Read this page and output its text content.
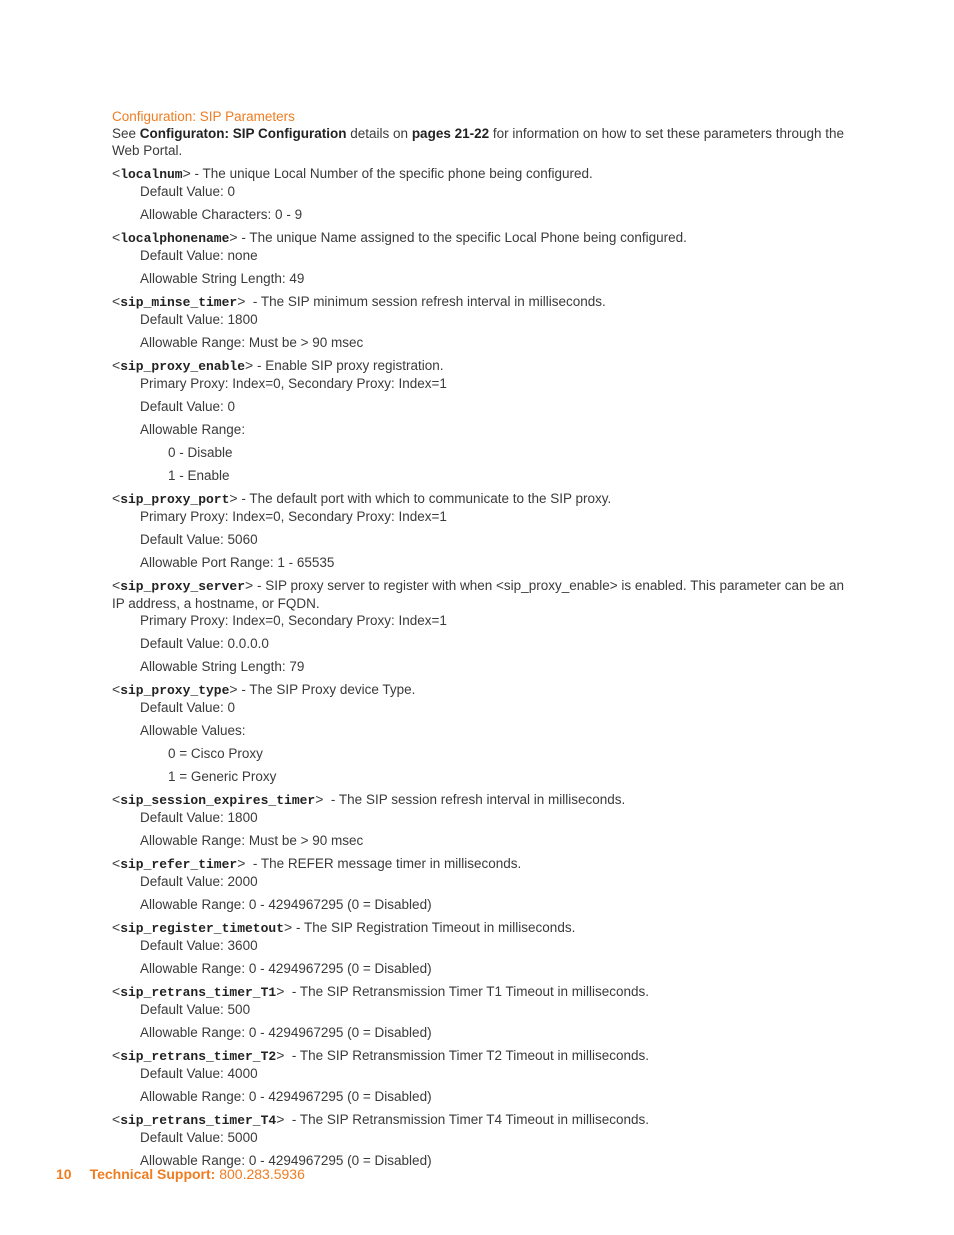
Configuration: SIP Parameters
See Configuraton: SIP Configuration details on pages 21-22 for information on how to set these parameters through the Web Portal.
<localnum> - The unique Local Number of the specific phone being configured.
Default Value: 0
Allowable Characters: 0 - 9
<localphonename> - The unique Name assigned to the specific Local Phone being configured.
Default Value: none
Allowable String Length: 49
<sip_minse_timer>  - The SIP minimum session refresh interval in milliseconds.
Default Value: 1800
Allowable Range: Must be > 90 msec
<sip_proxy_enable> - Enable SIP proxy registration.
Primary Proxy: Index=0, Secondary Proxy: Index=1
Default Value: 0
Allowable Range:
0 - Disable
1 - Enable
<sip_proxy_port> - The default port with which to communicate to the SIP proxy.
Primary Proxy: Index=0, Secondary Proxy: Index=1
Default Value: 5060
Allowable Port Range: 1 - 65535
<sip_proxy_server> - SIP proxy server to register with when <sip_proxy_enable> is enabled. This parameter can be an IP address, a hostname, or FQDN.
Primary Proxy: Index=0, Secondary Proxy: Index=1
Default Value: 0.0.0.0
Allowable String Length: 79
<sip_proxy_type> - The SIP Proxy device Type.
Default Value: 0
Allowable Values:
0 = Cisco Proxy
1 = Generic Proxy
<sip_session_expires_timer>  - The SIP session refresh interval in milliseconds.
Default Value: 1800
Allowable Range: Must be > 90 msec
<sip_refer_timer>  - The REFER message timer in milliseconds.
Default Value: 2000
Allowable Range: 0 - 4294967295 (0 = Disabled)
<sip_register_timetout> - The SIP Registration Timeout in milliseconds.
Default Value: 3600
Allowable Range: 0 - 4294967295 (0 = Disabled)
<sip_retrans_timer_T1>  - The SIP Retransmission Timer T1 Timeout in milliseconds.
Default Value: 500
Allowable Range: 0 - 4294967295 (0 = Disabled)
<sip_retrans_timer_T2>  - The SIP Retransmission Timer T2 Timeout in milliseconds.
Default Value: 4000
Allowable Range: 0 - 4294967295 (0 = Disabled)
<sip_retrans_timer_T4>  - The SIP Retransmission Timer T4 Timeout in milliseconds.
Default Value: 5000
Allowable Range: 0 - 4294967295 (0 = Disabled)
10 Technical Support: 800.283.5936
